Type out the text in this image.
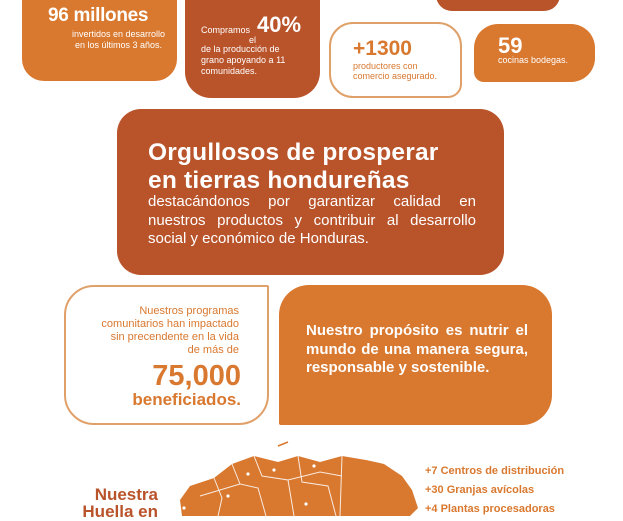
96 millones
invertidos en desarrollo
en los últimos 3 años.
Compramos
el
40%
de la producción de
grano apoyando a 11
comunidades.
+1300
productores con
comercio asegurado.
59
cocinas bodegas.
Orgullosos de prosperar
en tierras hondureñas
destacándonos por garantizar calidad en nuestros productos y contribuir al desarrollo social y económico de Honduras.
Nuestros programas
comunitarios han impactado
sin precendente en la vida
de más de
75,000
beneficiados.
Nuestro propósito es nutrir el mundo de una manera segura, responsable y sostenible.
Nuestra
Huella en
+7 Centros de distribución
+30 Granjas avícolas
+4 Plantas procesadoras
